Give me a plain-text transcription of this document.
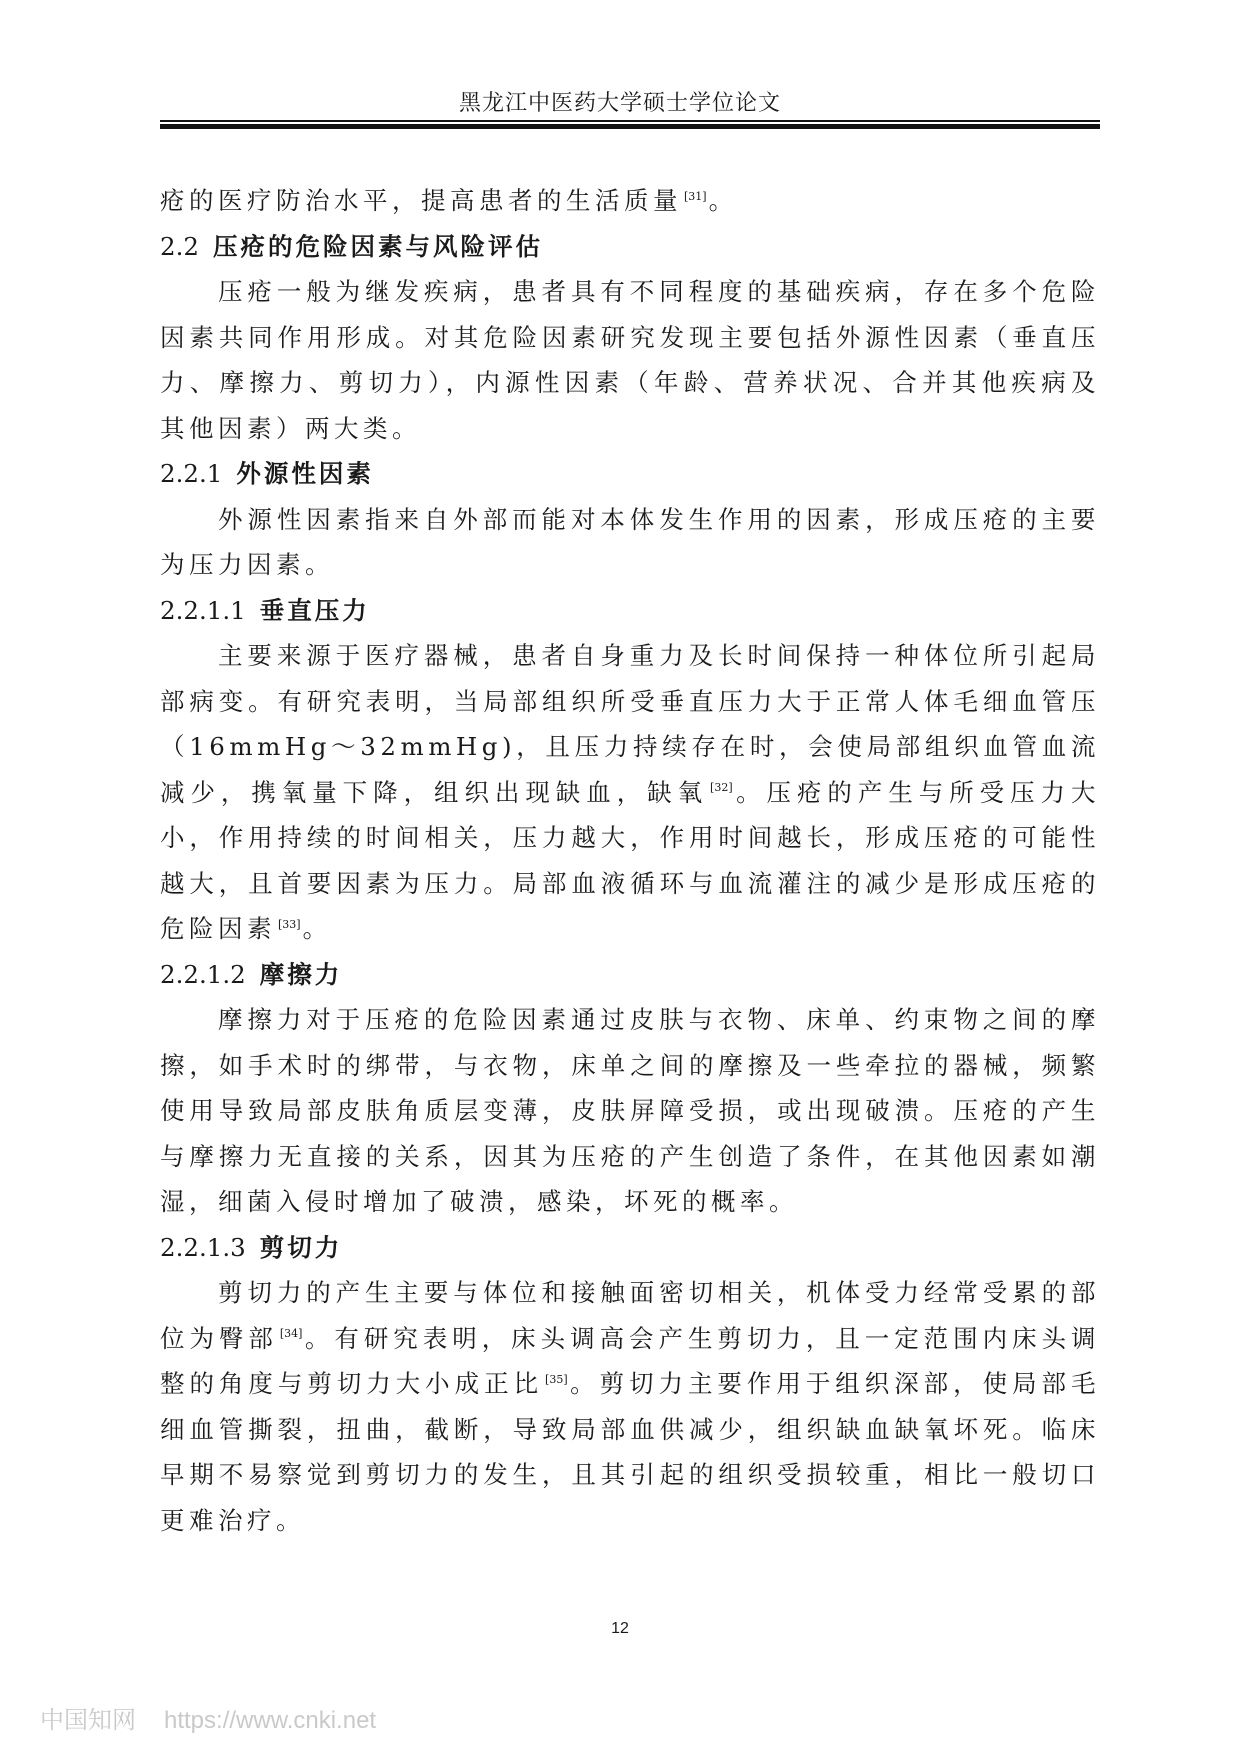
黑龙江中医药大学硕士学位论文

疮的医疗防治水平，提高患者的生活质量 [31]。

2.2 压疮的危险因素与风险评估

压疮一般为继发疾病，患者具有不同程度的基础疾病，存在多个危险因素共同作用形成。对其危险因素研究发现主要包括外源性因素（垂直压力、摩擦力、剪切力），内源性因素（年龄、营养状况、合并其他疾病及其他因素）两大类。

2.2.1 外源性因素

外源性因素指来自外部而能对本体发生作用的因素，形成压疮的主要为压力因素。

2.2.1.1 垂直压力

主要来源于医疗器械，患者自身重力及长时间保持一种体位所引起局部病变。有研究表明，当局部组织所受垂直压力大于正常人体毛细血管压（16mmHg～32mmHg)，且压力持续存在时，会使局部组织血管血流减少，携氧量下降，组织出现缺血，缺氧 [32]。压疮的产生与所受压力大小，作用持续的时间相关，压力越大，作用时间越长，形成压疮的可能性越大，且首要因素为压力。局部血液循环与血流灌注的减少是形成压疮的危险因素 [33]。

2.2.1.2 摩擦力

摩擦力对于压疮的危险因素通过皮肤与衣物、床单、约束物之间的摩擦，如手术时的绑带，与衣物，床单之间的摩擦及一些牵拉的器械，频繁使用导致局部皮肤角质层变薄，皮肤屏障受损，或出现破溃。压疮的产生与摩擦力无直接的关系，因其为压疮的产生创造了条件，在其他因素如潮湿，细菌入侵时增加了破溃，感染，坏死的概率。

2.2.1.3 剪切力

剪切力的产生主要与体位和接触面密切相关，机体受力经常受累的部位为臀部 [34]。有研究表明，床头调高会产生剪切力，且一定范围内床头调整的角度与剪切力大小成正比 [35]。剪切力主要作用于组织深部，使局部毛细血管撕裂，扭曲，截断，导致局部血供减少，组织缺血缺氧坏死。临床早期不易察觉到剪切力的发生，且其引起的组织受损较重，相比一般切口更难治疗。

12
中国知网 https://www.cnki.net
